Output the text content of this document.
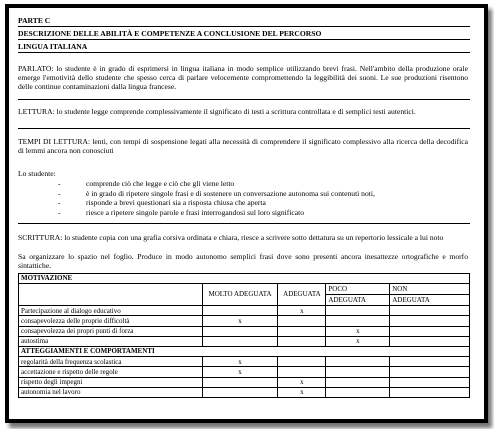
PARTE C
DESCRIZIONE DELLE ABILITÀ E COMPETENZE A CONCLUSIONE DEL PERCORSO
LINGUA ITALIANA
PARLATO: lo studente è in grado di esprimersi in lingua italiana in modo semplice utilizzando brevi frasi. Nell'ambito della produzione orale emerge l'emotività dello studente che spesso cerca di parlare velocemente compromettendo la leggibilità dei suoni. Le sue produzioni risentono delle continue contaminazioni dalla lingua francese.
LETTURA: lo studente legge comprende complessivamente il significato di testi a scrittura controllata e di semplici testi autentici.
TEMPI DI LETTURA: lenti, con tempi di sospensione legati alla necessità di comprendere il significato complessivo alla ricerca della decodifica di lemmi ancora non conosciuti
Lo studente:
-	comprende ciò che legge e ciò che gli viene letto
-	è in grado di ripetere singole frasi e di sostenere un conversazione autonoma sui contenuti noti,
-	risponde a brevi questionari sia a risposta chiusa che aperta
-	riesce a ripetere singole parole e frasi interrogandosi sul loro significato
SCRITTURA: lo studente copia con una grafia corsiva ordinata e chiara, riesce a scrivere sotto dettatura su un repertorio lessicale a lui noto
Sa organizzare lo spazio nel foglio. Produce in modo autonomo semplici frasi dove sono presenti ancora inesattezze ortografiche e morfo sintattiche.
MOTIVAZIONE				
	MOLTO ADEGUATA	ADEGUATA	POCO	NON
			ADEGUATA	ADEGUATA
Partecipazione al dialogo educativo		x		
consapevolezza delle proprie difficoltà	x			
consapevolezza dei propri punti di forza			x	
autostima			x	
ATTEGGIAMENTI E COMPORTAMENTI				
regolarità della frequenza scolastica	x			
accettazione e rispetto delle regole	x			
rispetto degli impegni		x		
autonomia nel lavoro		x		
